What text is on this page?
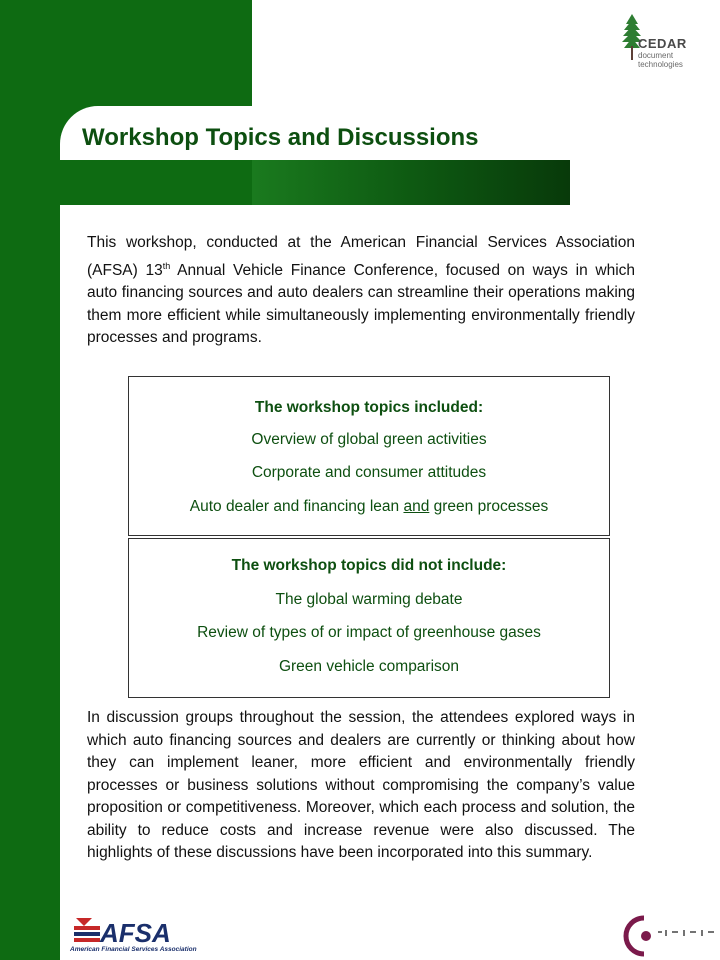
Workshop Topics and Discussions
CEDAR
document technologies

This workshop, conducted at the American Financial Services Association (AFSA) 13th Annual Vehicle Finance Conference, focused on ways in which auto financing sources and auto dealers can streamline their operations making them more efficient while simultaneously implementing environmentally friendly processes and programs.

The workshop topics included:

Overview of global green activities

Corporate and consumer attitudes

Auto dealer and financing lean and green processes

The workshop topics did not include:

The global warming debate

Review of types of or impact of greenhouse gases

Green vehicle comparison

In discussion groups throughout the session, the attendees explored ways in which auto financing sources and dealers are currently or thinking about how they can implement leaner, more efficient and environmentally friendly processes or business solutions without compromising the company’s value proposition or competitiveness. Moreover, which each process and solution, the ability to reduce costs and increase revenue were also discussed. The highlights of these discussions have been incorporated into this summary.

AFSA
American Financial Services Association
